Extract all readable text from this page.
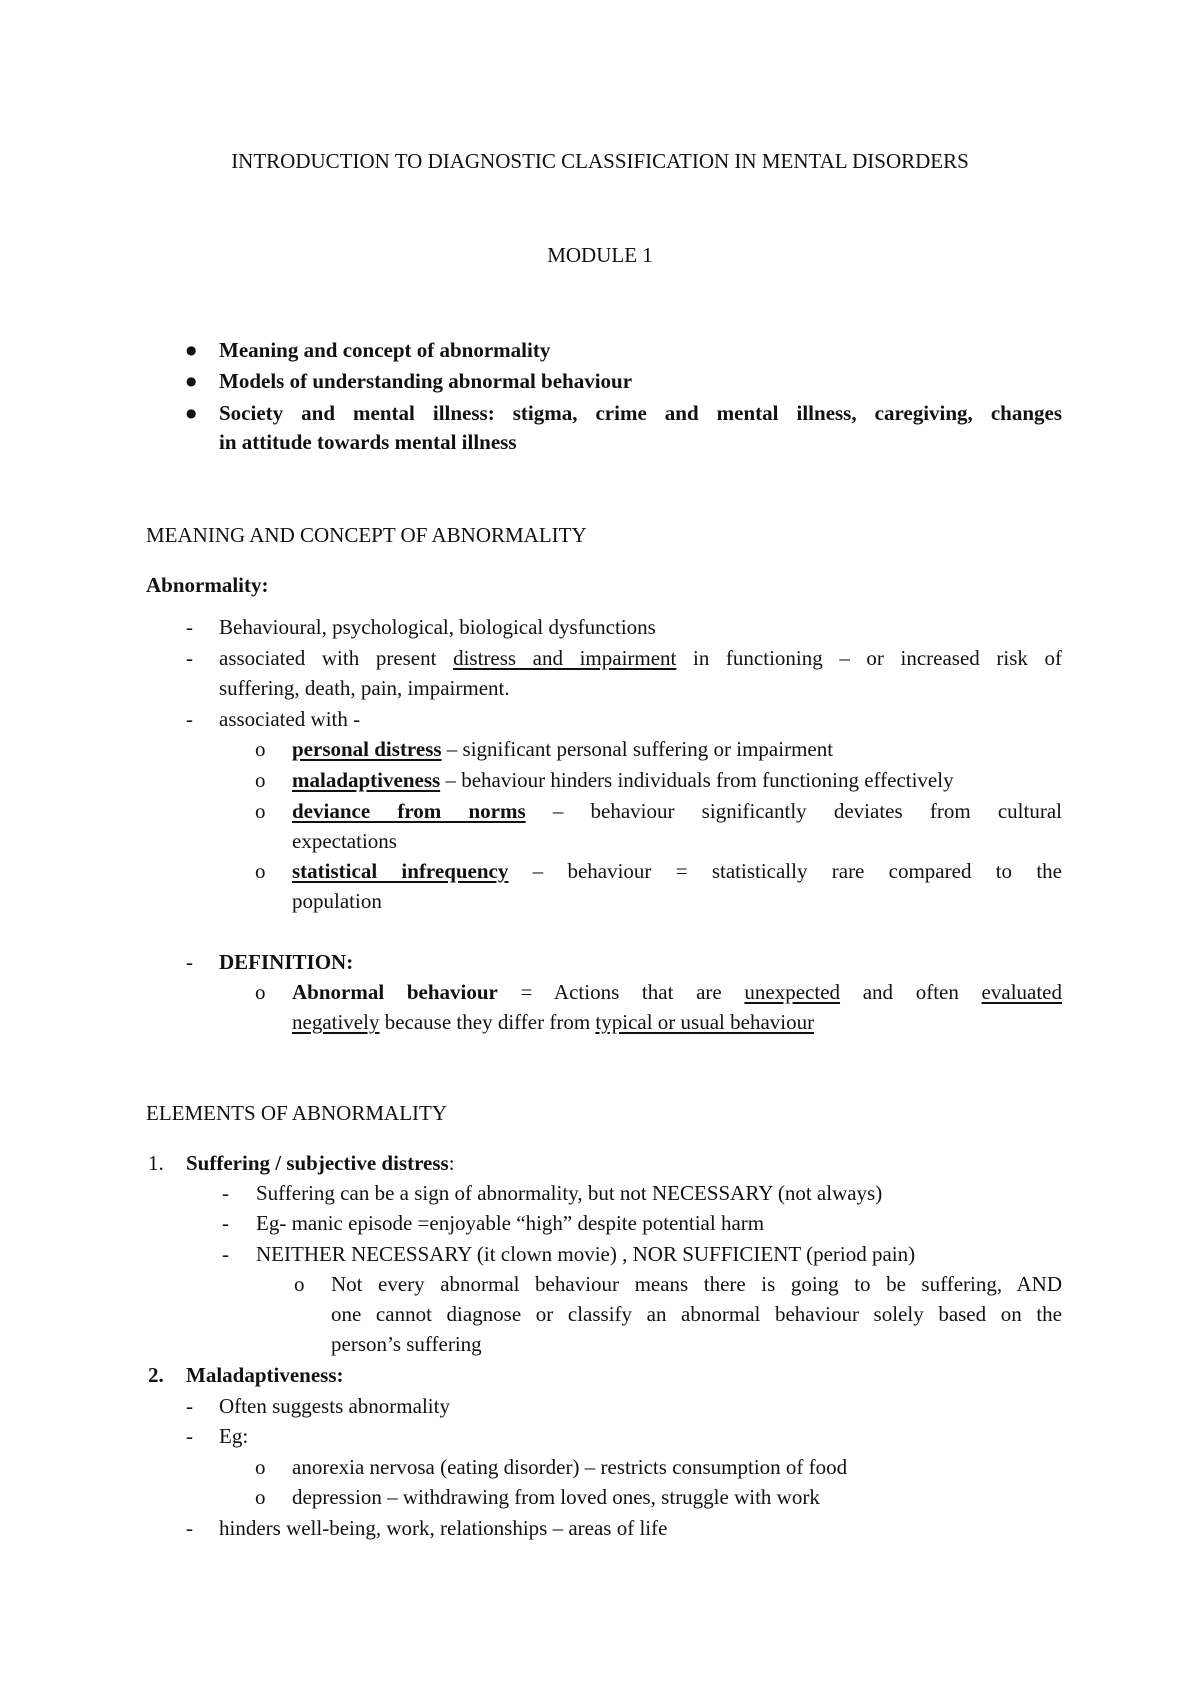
INTRODUCTION TO DIAGNOSTIC CLASSIFICATION IN MENTAL DISORDERS
MODULE 1
● Meaning and concept of abnormality
● Models of understanding abnormal behaviour
● Society and mental illness: stigma, crime and mental illness, caregiving, changes
in attitude towards mental illness
MEANING AND CONCEPT OF ABNORMALITY
Abnormality:
- Behavioural, psychological, biological dysfunctions
- associated with present distress and impairment in functioning – or increased risk of
suffering, death, pain, impairment.
- associated with -
o personal distress – significant personal suffering or impairment
o maladaptiveness – behaviour hinders individuals from functioning effectively
o deviance from norms – behaviour significantly deviates from cultural
expectations
o statistical infrequency – behaviour = statistically rare compared to the
population
- DEFINITION:
o Abnormal behaviour = Actions that are unexpected and often evaluated
negatively because they differ from typical or usual behaviour
ELEMENTS OF ABNORMALITY
1. Suffering / subjective distress:
- Suffering can be a sign of abnormality, but not NECESSARY (not always)
- Eg- manic episode =enjoyable “high” despite potential harm
- NEITHER NECESSARY (it clown movie) , NOR SUFFICIENT (period pain)
o Not every abnormal behaviour means there is going to be suffering, AND
one cannot diagnose or classify an abnormal behaviour solely based on the
person’s suffering
2. Maladaptiveness:
- Often suggests abnormality
- Eg:
o anorexia nervosa (eating disorder) – restricts consumption of food
o depression – withdrawing from loved ones, struggle with work
- hinders well-being, work, relationships – areas of life
